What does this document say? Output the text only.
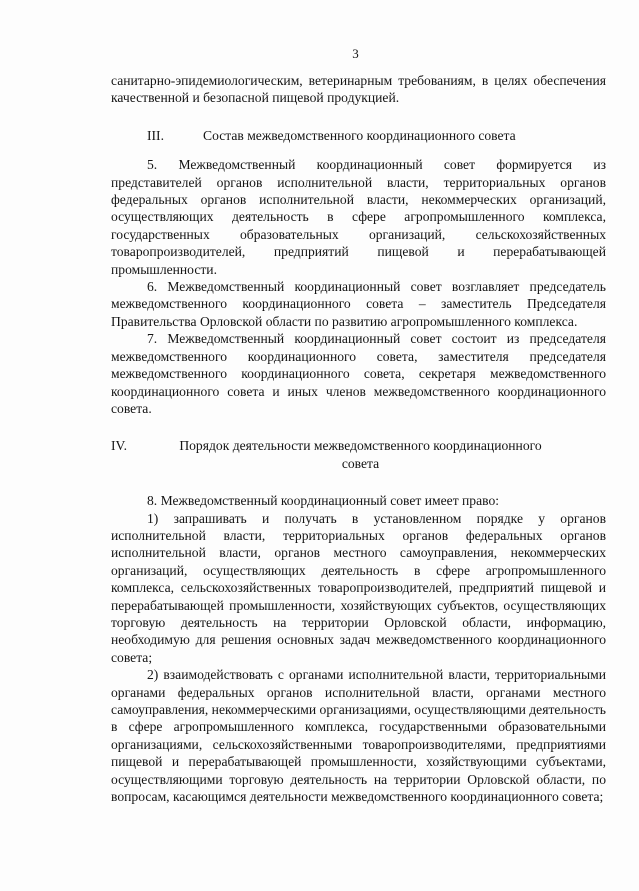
3

санитарно-эпидемиологическим, ветеринарным требованиям, в целях обеспечения качественной и безопасной пищевой продукцией.

III.	Состав межведомственного координационного совета

5. Межведомственный координационный совет формируется из представителей органов исполнительной власти, территориальных органов федеральных органов исполнительной власти, некоммерческих организаций, осуществляющих деятельность в сфере агропромышленного комплекса, государственных образовательных организаций, сельскохозяйственных товаропроизводителей, предприятий пищевой и перерабатывающей промышленности.

6. Межведомственный координационный совет возглавляет председатель межведомственного координационного совета – заместитель Председателя Правительства Орловской области по развитию агропромышленного комплекса.

7. Межведомственный координационный совет состоит из председателя межведомственного координационного совета, заместителя председателя межведомственного координационного совета, секретаря межведомственного координационного совета и иных членов межведомственного координационного совета.

IV.	Порядок деятельности межведомственного координационного совета

8. Межведомственный координационный совет имеет право:

1) запрашивать и получать в установленном порядке у органов исполнительной власти, территориальных органов федеральных органов исполнительной власти, органов местного самоуправления, некоммерческих организаций, осуществляющих деятельность в сфере агропромышленного комплекса, сельскохозяйственных товаропроизводителей, предприятий пищевой и перерабатывающей промышленности, хозяйствующих субъектов, осуществляющих торговую деятельность на территории Орловской области, информацию, необходимую для решения основных задач межведомственного координационного совета;

2) взаимодействовать с органами исполнительной власти, территориальными органами федеральных органов исполнительной власти, органами местного самоуправления, некоммерческими организациями, осуществляющими деятельность в сфере агропромышленного комплекса, государственными образовательными организациями, сельскохозяйственными товаропроизводителями, предприятиями пищевой и перерабатывающей промышленности, хозяйствующими субъектами, осуществляющими торговую деятельность на территории Орловской области, по вопросам, касающимся деятельности межведомственного координационного совета;
